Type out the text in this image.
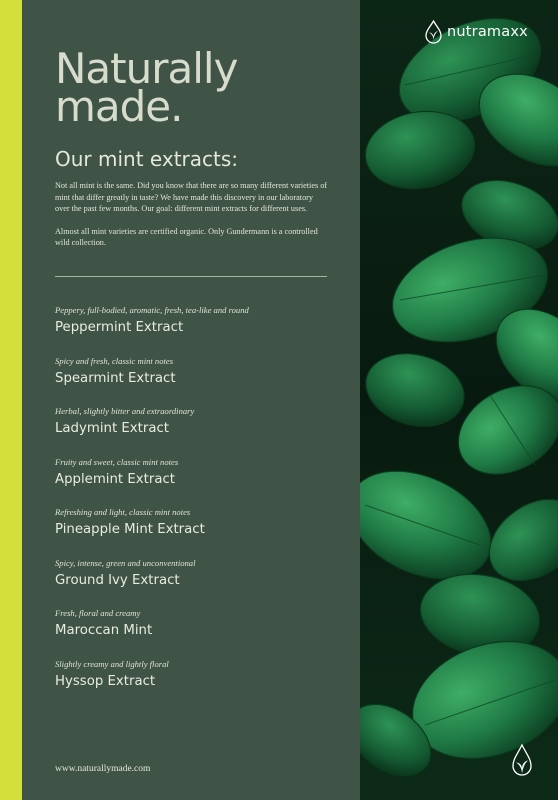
Naturally
made.
Our mint extracts:

Not all mint is the same. Did you know that there are so many different varieties of mint that differ greatly in taste? We have made this discovery in our laboratory over the past few months. Our goal: different mint extracts for different uses.

Almost all mint varieties are certified organic. Only Gundermann is a controlled wild collection.

Peppery, full-bodied, aromatic, fresh, tea-like and round
Peppermint Extract
Spicy and fresh, classic mint notes
Spearmint Extract
Herbal, slightly bitter and extraordinary
Ladymint Extract
Fruity and sweet, classic mint notes
Applemint Extract
Refreshing and light, classic mint notes
Pineapple Mint Extract
Spicy, intense, green and unconventional
Ground Ivy Extract
Fresh, floral and creamy
Maroccan Mint
Slightly creamy and lightly floral
Hyssop Extract
www.naturallymade.com
nutramaxx
